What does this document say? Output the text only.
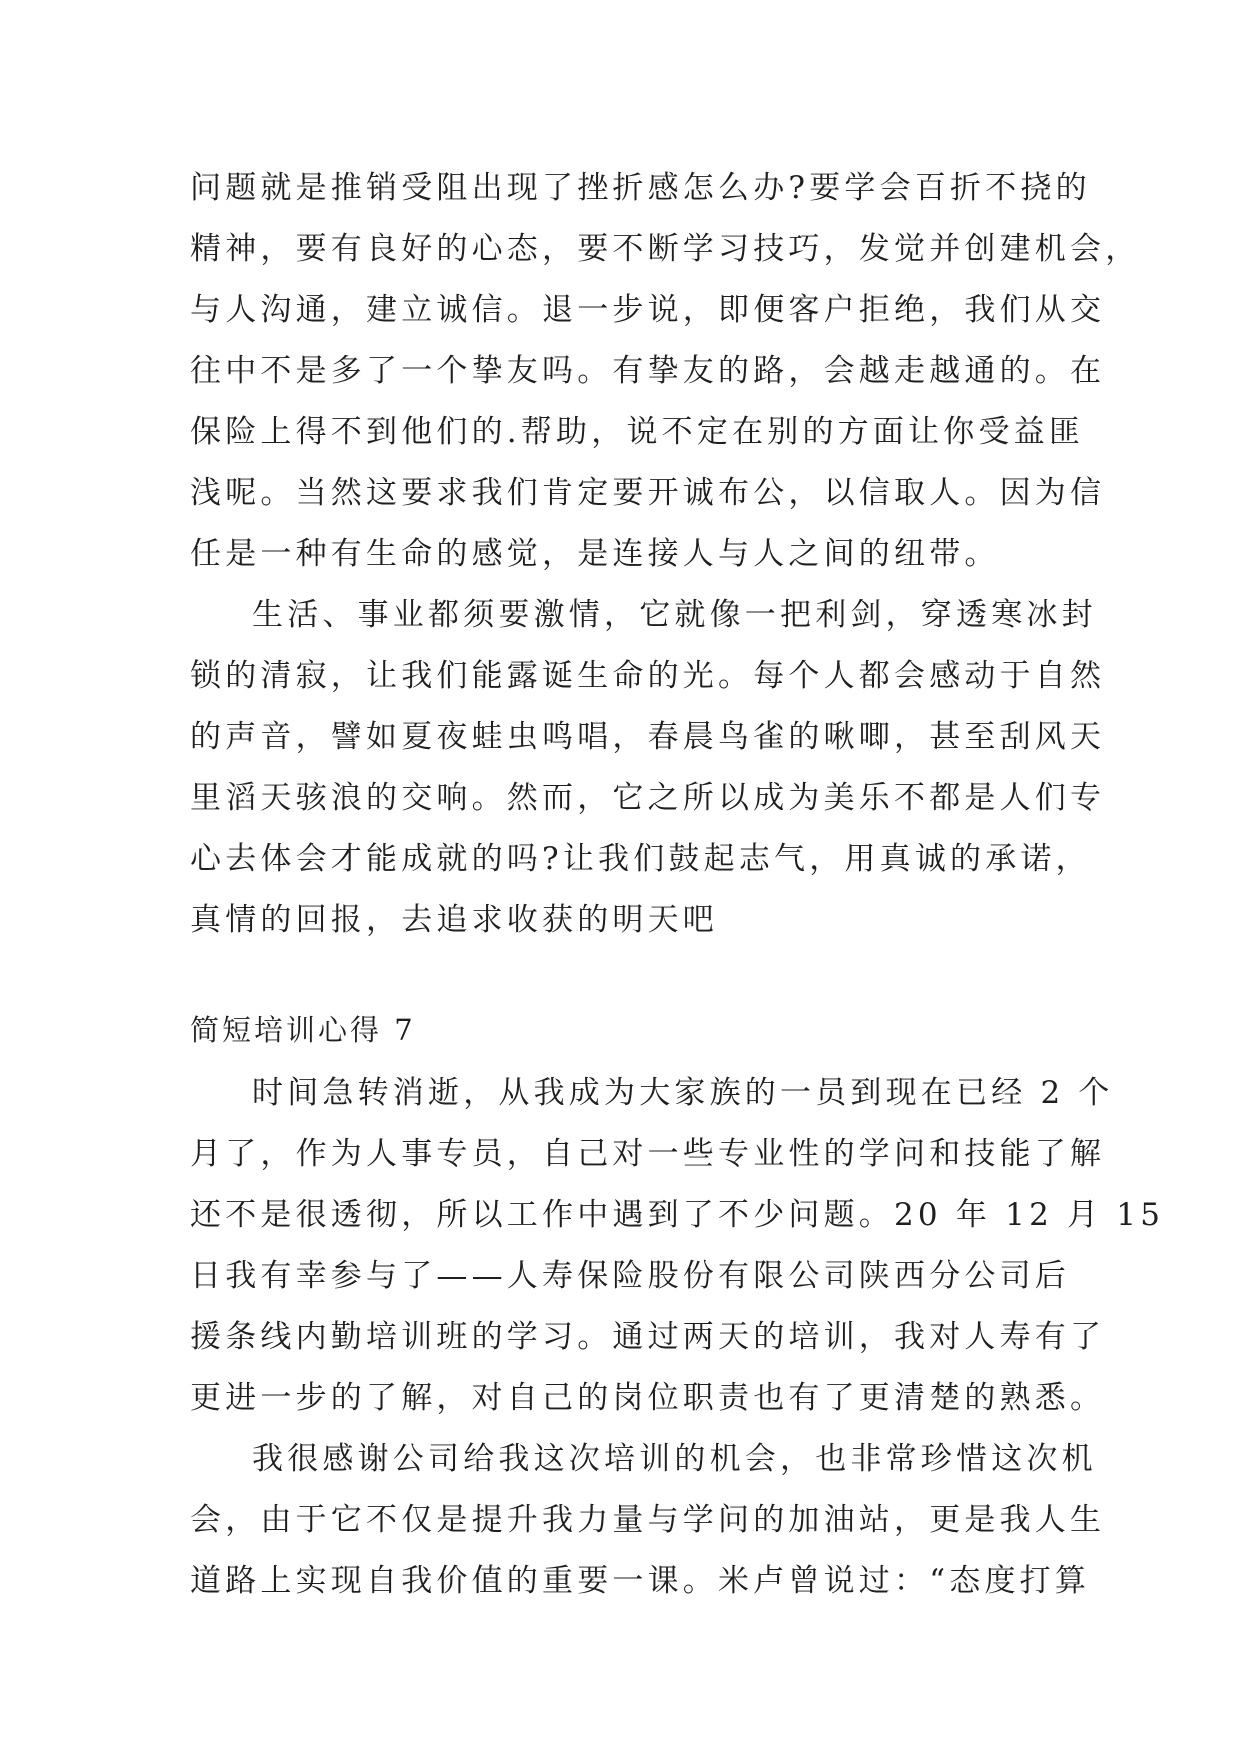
问题就是推销受阻出现了挫折感怎么办?要学会百折不挠的
精神，要有良好的心态，要不断学习技巧，发觉并创建机会，
与人沟通，建立诚信。退一步说，即便客户拒绝，我们从交
往中不是多了一个挚友吗。有挚友的路，会越走越通的。在
保险上得不到他们的.帮助，说不定在别的方面让你受益匪
浅呢。当然这要求我们肯定要开诚布公，以信取人。因为信
任是一种有生命的感觉，是连接人与人之间的纽带。
生活、事业都须要激情，它就像一把利剑，穿透寒冰封
锁的清寂，让我们能露诞生命的光。每个人都会感动于自然
的声音，譬如夏夜蛙虫鸣唱，春晨鸟雀的啾唧，甚至刮风天
里滔天骇浪的交响。然而，它之所以成为美乐不都是人们专
心去体会才能成就的吗?让我们鼓起志气，用真诚的承诺，
真情的回报，去追求收获的明天吧
简短培训心得 7
时间急转消逝，从我成为大家族的一员到现在已经 2 个
月了，作为人事专员，自己对一些专业性的学问和技能了解
还不是很透彻，所以工作中遇到了不少问题。20 年 12 月 15
日我有幸参与了——人寿保险股份有限公司陕西分公司后
援条线内勤培训班的学习。通过两天的培训，我对人寿有了
更进一步的了解，对自己的岗位职责也有了更清楚的熟悉。
我很感谢公司给我这次培训的机会，也非常珍惜这次机
会，由于它不仅是提升我力量与学问的加油站，更是我人生
道路上实现自我价值的重要一课。米卢曾说过：“态度打算
